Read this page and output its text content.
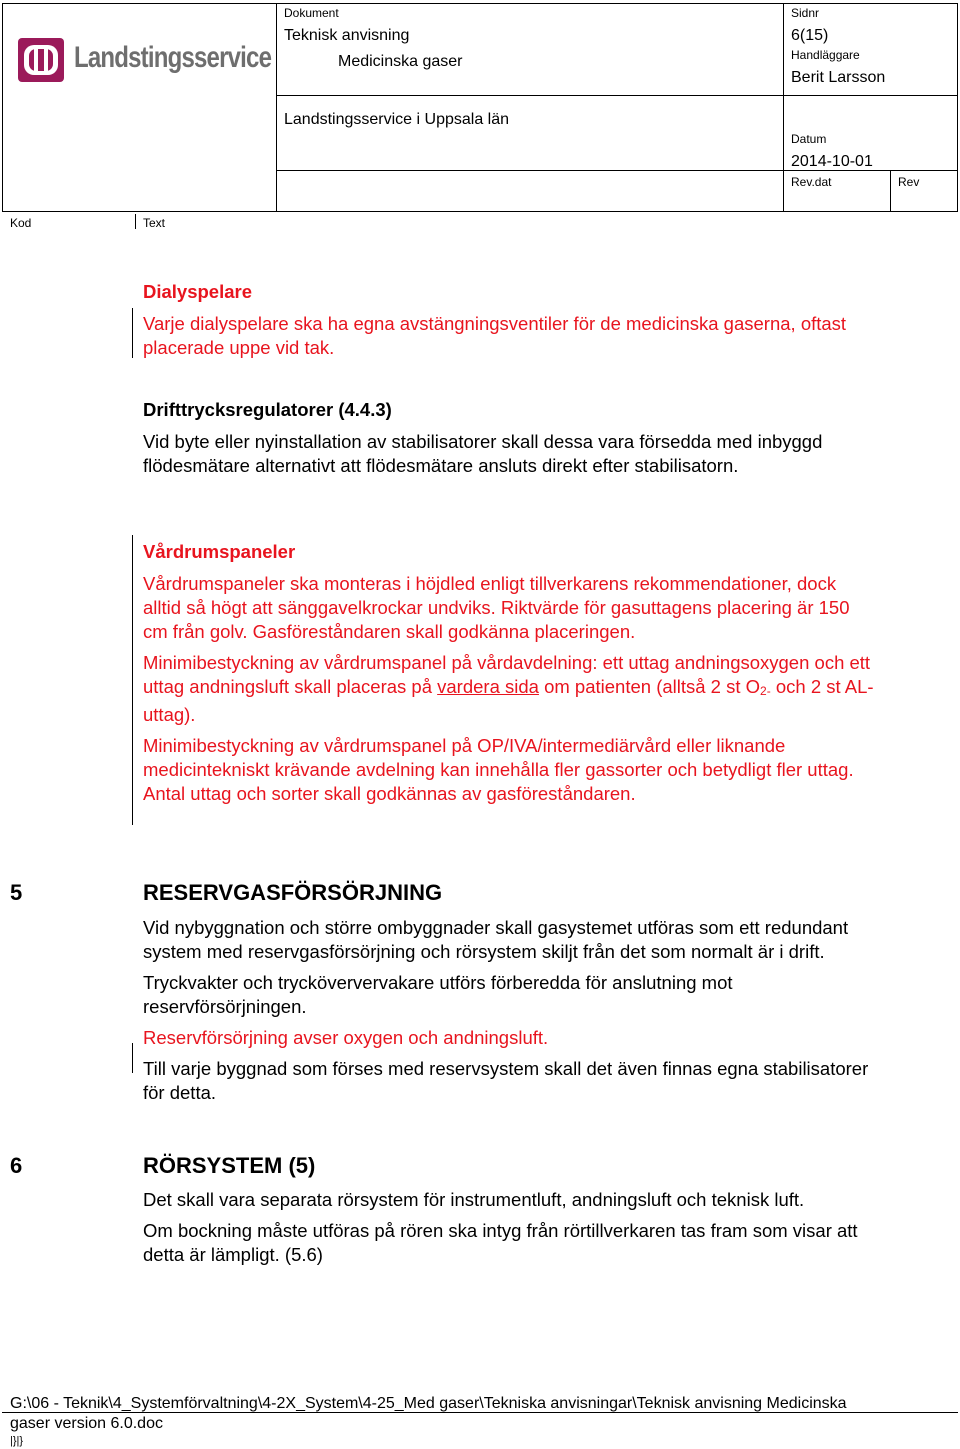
Landstingsservice
Dokument
Teknisk anvisning
Medicinska gaser
Sidnr
6(15)
Handläggare
Berit Larsson
Landstingsservice i Uppsala län
Datum
2014-10-01
Rev.dat	Rev
Kod	Text

Dialyspelare

Varje dialyspelare ska ha egna avstängningsventiler för de medicinska gaserna, oftast placerade uppe vid tak.

Drifttrycksregulatorer (4.4.3)

Vid byte eller nyinstallation av stabilisatorer skall dessa vara försedda med inbyggd flödesmätare alternativt att flödesmätare ansluts direkt efter stabilisatorn.

Vårdrumspaneler

Vårdrumspaneler ska monteras i höjdled enligt tillverkarens rekommendationer, dock alltid så högt att sänggavelkrockar undviks. Riktvärde för gasuttagens placering är 150 cm från golv. Gasföreståndaren skall godkänna placeringen.

Minimibestyckning av vårdrumspanel på vårdavdelning: ett uttag andningsoxygen och ett uttag andningsluft skall placeras på vardera sida om patienten (alltså 2 st $O_{2-}$ och 2 st AL-uttag).

Minimibestyckning av vårdrumspanel på OP/IVA/intermediärvård eller liknande medicintekniskt krävande avdelning kan innehålla fler gassorter och betydligt fler uttag. Antal uttag och sorter skall godkännas av gasföreståndaren.

5	RESERVGASFÖRSÖRJNING

Vid nybyggnation och större ombyggnader skall gasystemet utföras som ett redundant system med reservgasförsörjning och rörsystem skiljt från det som normalt är i drift.

Tryckvakter och trycköververvakare utförs förberedda för anslutning mot reservförsörjningen.

Reservförsörjning avser oxygen och andningsluft.

Till varje byggnad som förses med reservsystem skall det även finnas egna stabilisatorer för detta.

6	RÖRSYSTEM (5)

Det skall vara separata rörsystem för instrumentluft, andningsluft och teknisk luft.

Om bockning måste utföras på rören ska intyg från rörtillverkaren tas fram som visar att detta är lämpligt. (5.6)

G:\06 - Teknik\4_Systemförvaltning\4-2X_System\4-25_Med gaser\Tekniska anvisningar\Teknisk anvisning Medicinska

gaser version 6.0.doc

|}|}
